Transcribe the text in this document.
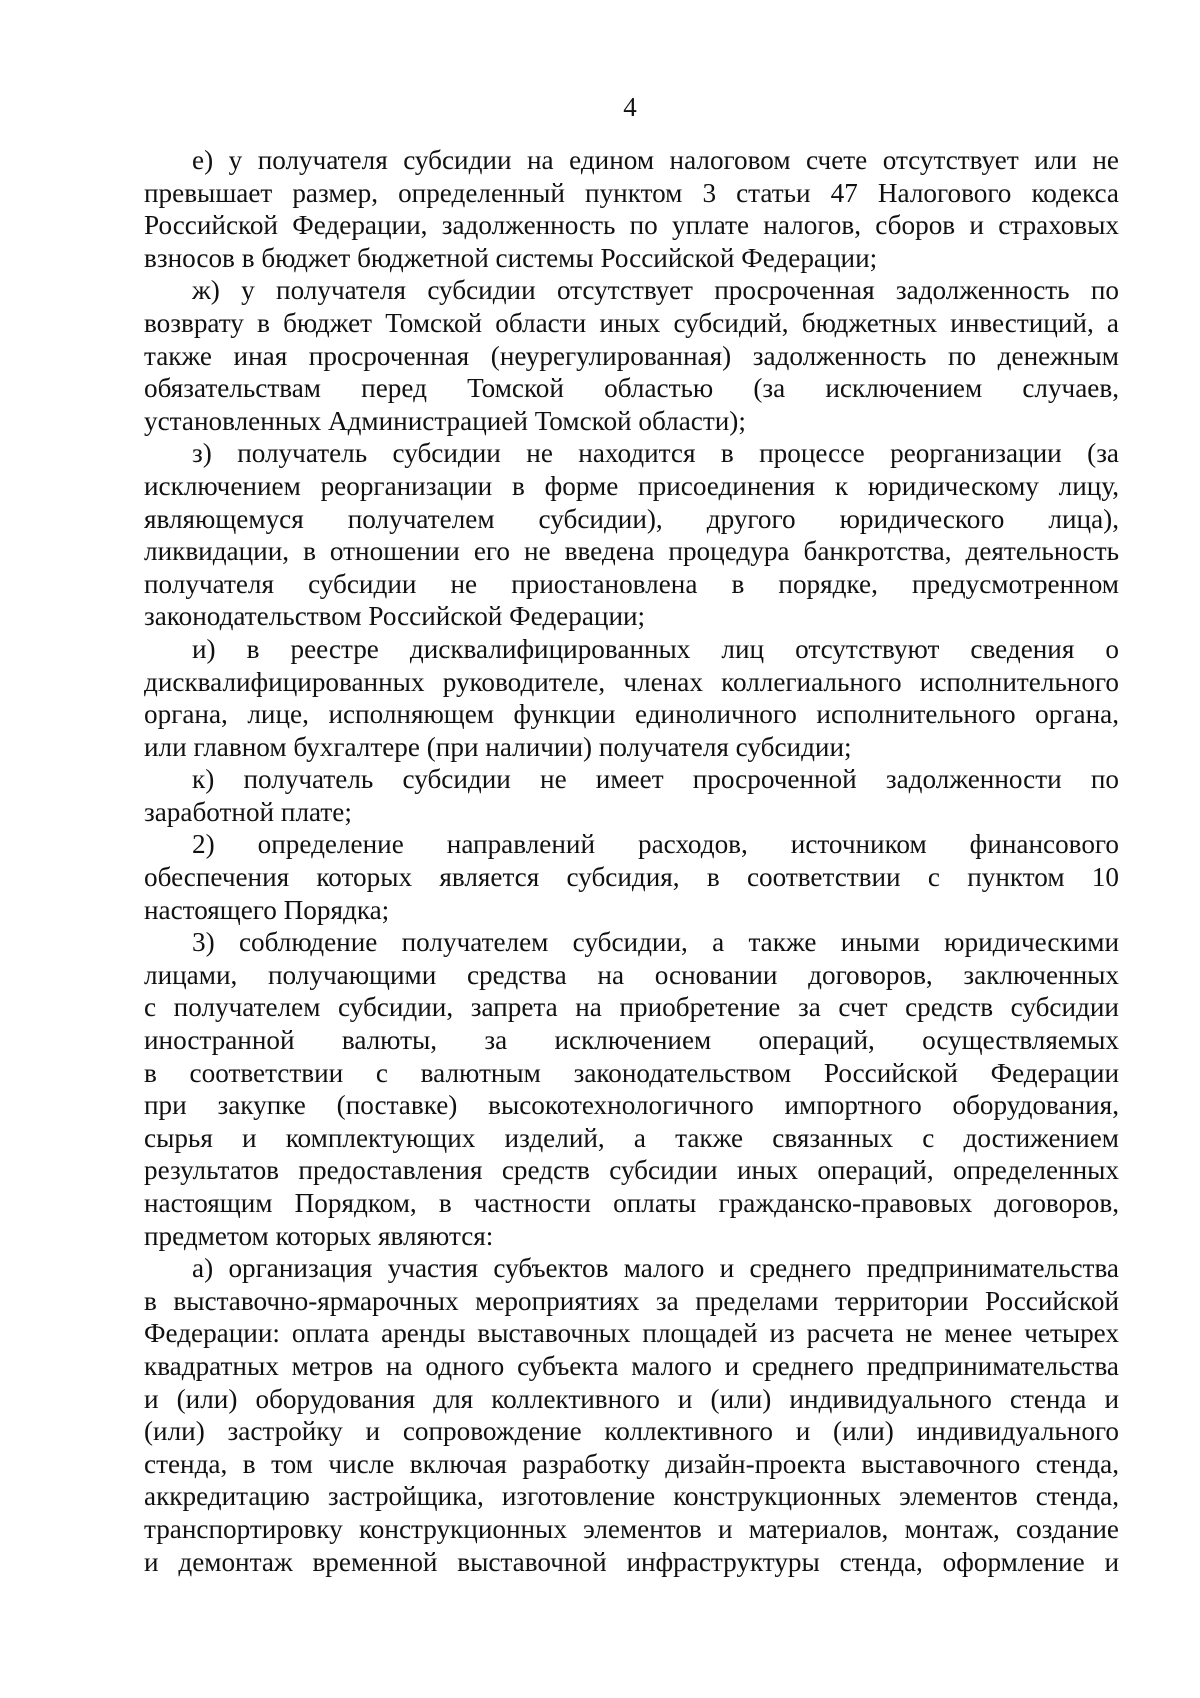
4
е) у получателя субсидии на едином налоговом счете отсутствует или не
превышает размер, определенный пунктом 3 статьи 47 Налогового кодекса
Российской Федерации, задолженность по уплате налогов, сборов и страховых
взносов в бюджет бюджетной системы Российской Федерации;
ж) у получателя субсидии отсутствует просроченная задолженность по
возврату в бюджет Томской области иных субсидий, бюджетных инвестиций, а
также иная просроченная (неурегулированная) задолженность по денежным
обязательствам перед Томской областью (за исключением случаев,
установленных Администрацией Томской области);
з) получатель субсидии не находится в процессе реорганизации (за
исключением реорганизации в форме присоединения к юридическому лицу,
являющемуся получателем субсидии), другого юридического лица),
ликвидации, в отношении его не введена процедура банкротства, деятельность
получателя субсидии не приостановлена в порядке, предусмотренном
законодательством Российской Федерации;
и) в реестре дисквалифицированных лиц отсутствуют сведения о
дисквалифицированных руководителе, членах коллегиального исполнительного
органа, лице, исполняющем функции единоличного исполнительного органа,
или главном бухгалтере (при наличии) получателя субсидии;
к) получатель субсидии не имеет просроченной задолженности по
заработной плате;
2) определение направлений расходов, источником финансового
обеспечения которых является субсидия, в соответствии с пунктом 10
настоящего Порядка;
3) соблюдение получателем субсидии, а также иными юридическими
лицами, получающими средства на основании договоров, заключенных
с получателем субсидии, запрета на приобретение за счет средств субсидии
иностранной валюты, за исключением операций, осуществляемых
в соответствии с валютным законодательством Российской Федерации
при закупке (поставке) высокотехнологичного импортного оборудования,
сырья и комплектующих изделий, а также связанных с достижением
результатов предоставления средств субсидии иных операций, определенных
настоящим Порядком, в частности оплаты гражданско-правовых договоров,
предметом которых являются:
а) организация участия субъектов малого и среднего предпринимательства
в выставочно-ярмарочных мероприятиях за пределами территории Российской
Федерации: оплата аренды выставочных площадей из расчета не менее четырех
квадратных метров на одного субъекта малого и среднего предпринимательства
и (или) оборудования для коллективного и (или) индивидуального стенда и
(или) застройку и сопровождение коллективного и (или) индивидуального
стенда, в том числе включая разработку дизайн-проекта выставочного стенда,
аккредитацию застройщика, изготовление конструкционных элементов стенда,
транспортировку конструкционных элементов и материалов, монтаж, создание
и демонтаж временной выставочной инфраструктуры стенда, оформление и
